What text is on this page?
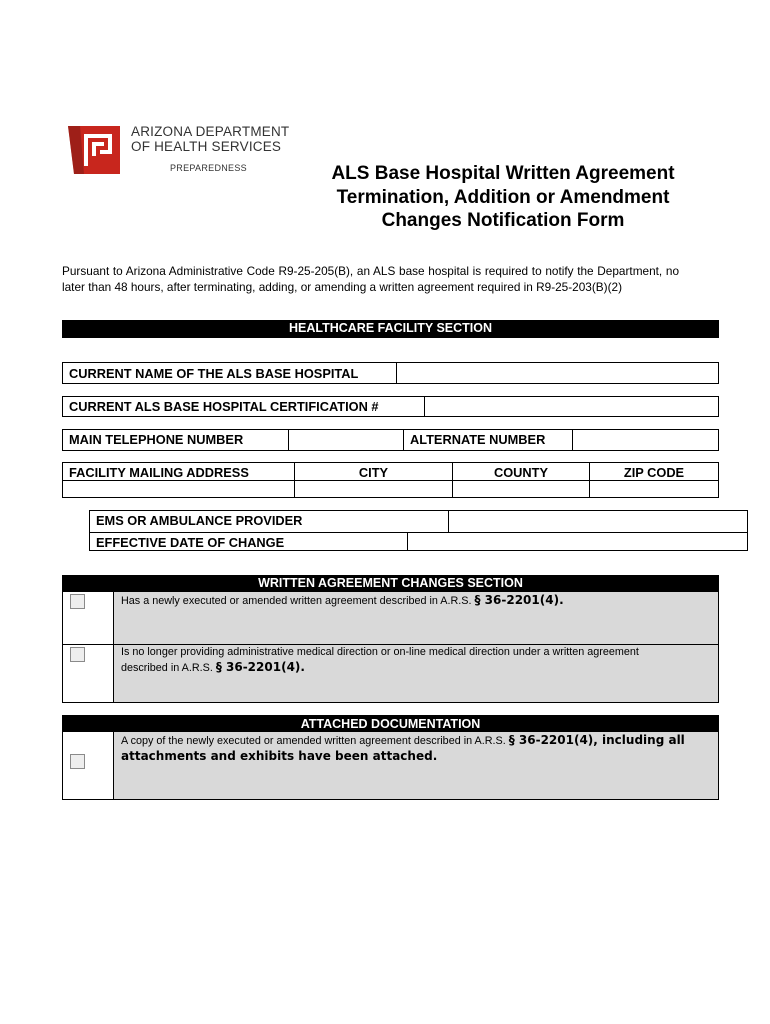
ARIZONA DEPARTMENT
OF HEALTH SERVICES
PREPAREDNESS	ALS Base Hospital Written Agreement
Termination, Addition or Amendment
Changes Notification Form
Pursuant to Arizona Administrative Code R9-25-205(B), an ALS base hospital is required to notify the Department, no later than 48 hours, after terminating, adding, or amending a written agreement required in R9-25-203(B)(2)
HEALTHCARE FACILITY SECTION
CURRENT NAME OF THE ALS BASE HOSPITAL
CURRENT ALS BASE HOSPITAL CERTIFICATION #
MAIN TELEPHONE NUMBER	ALTERNATE NUMBER
FACILITY MAILING ADDRESS	CITY	COUNTY	ZIP CODE
EMS OR AMBULANCE PROVIDER
EFFECTIVE DATE OF CHANGE
WRITTEN AGREEMENT CHANGES SECTION
Has a newly executed or amended written agreement described in A.R.S. § 36-2201(4).
Is no longer providing administrative medical direction or on-line medical direction under a written agreement
described in A.R.S. § 36-2201(4).
ATTACHED DOCUMENTATION
A copy of the newly executed or amended written agreement described in A.R.S. § 36-2201(4), including all
attachments and exhibits have been attached.
